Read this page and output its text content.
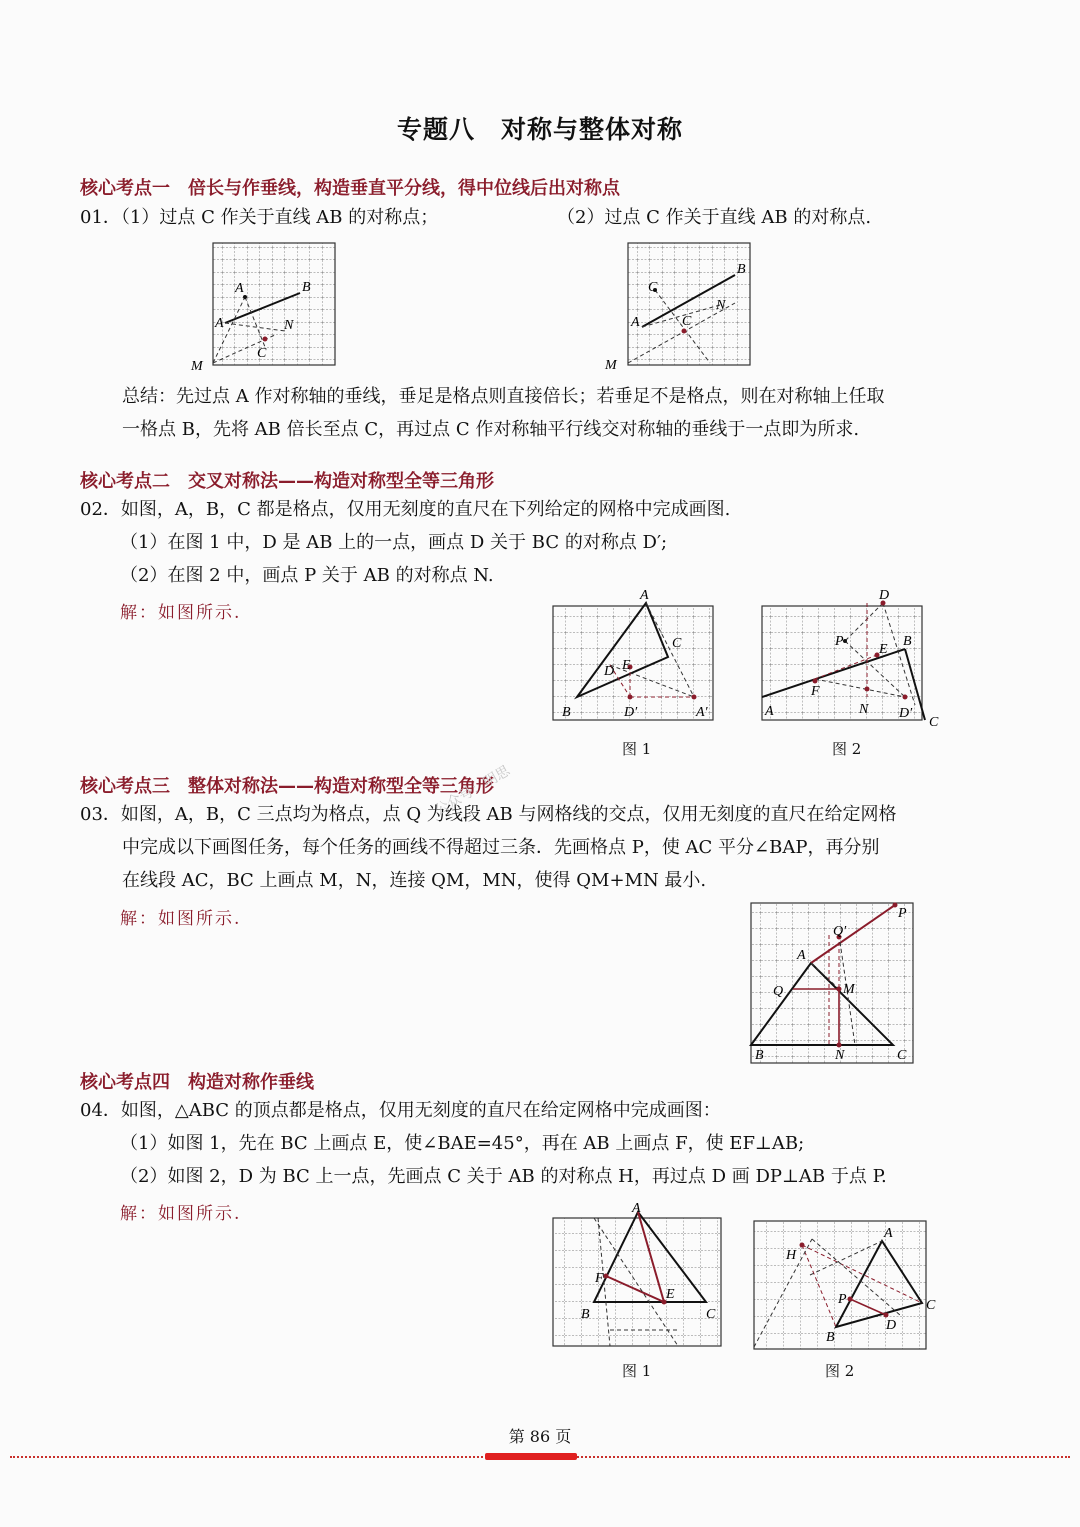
专题八　对称与整体对称
核心考点一　倍长与作垂线，构造垂直平分线，得中位线后出对称点
01．（1）过点 C 作关于直线 AB 的对称点；	（2）过点 C 作关于直线 AB 的对称点.
A	B
A
C
N
M
B
C
A	C
N
M
总结：先过点 A 作对称轴的垂线，垂足是格点则直接倍长；若垂足不是格点，则在对称轴上任取
一格点 B，先将 AB 倍长至点 C，再过点 C 作对称轴平行线交对称轴的垂线于一点即为所求.
核心考点二　交叉对称法——构造对称型全等三角形
02．如图，A，B，C 都是格点，仅用无刻度的直尺在下列给定的网格中完成画图.
（1）在图 1 中，D 是 AB 上的一点，画点 D 关于 BC 的对称点 D′;
（2）在图 2 中，画点 P 关于 AB 的对称点 N.
解：如图所示.
A
B
C
D E
D′	A′
图 1
D
P
E
B
F
A	N D′
C
图 2
核心考点三　整体对称法——构造对称型全等三角形
03．如图，A，B，C 三点均为格点，点 Q 为线段 AB 与网格线的交点，仅用无刻度的直尺在给定网格
中完成以下画图任务，每个任务的画线不得超过三条．先画格点 P，使 AC 平分∠BAP，再分别
在线段 AC，BC 上画点 M，N，连接 QM，MN，使得 QM+MN 最小.
解：如图所示.	P
Q′
A
Q	M
B	N	C
核心考点四　构造对称作垂线
04．如图，△ABC 的顶点都是格点，仅用无刻度的直尺在给定网格中完成画图：
（1）如图 1，先在 BC 上画点 E，使∠BAE=45°，再在 AB 上画点 F，使 EF⊥AB;
（2）如图 2，D 为 BC 上一点，先画点 C 关于 AB 的对称点 H，再过点 D 画 DP⊥AB 于点 P.
解：如图所示.	A
F
E
B	C
图 1
H
A
P	C
B
D
图 2
公众号：明思
第 86 页
